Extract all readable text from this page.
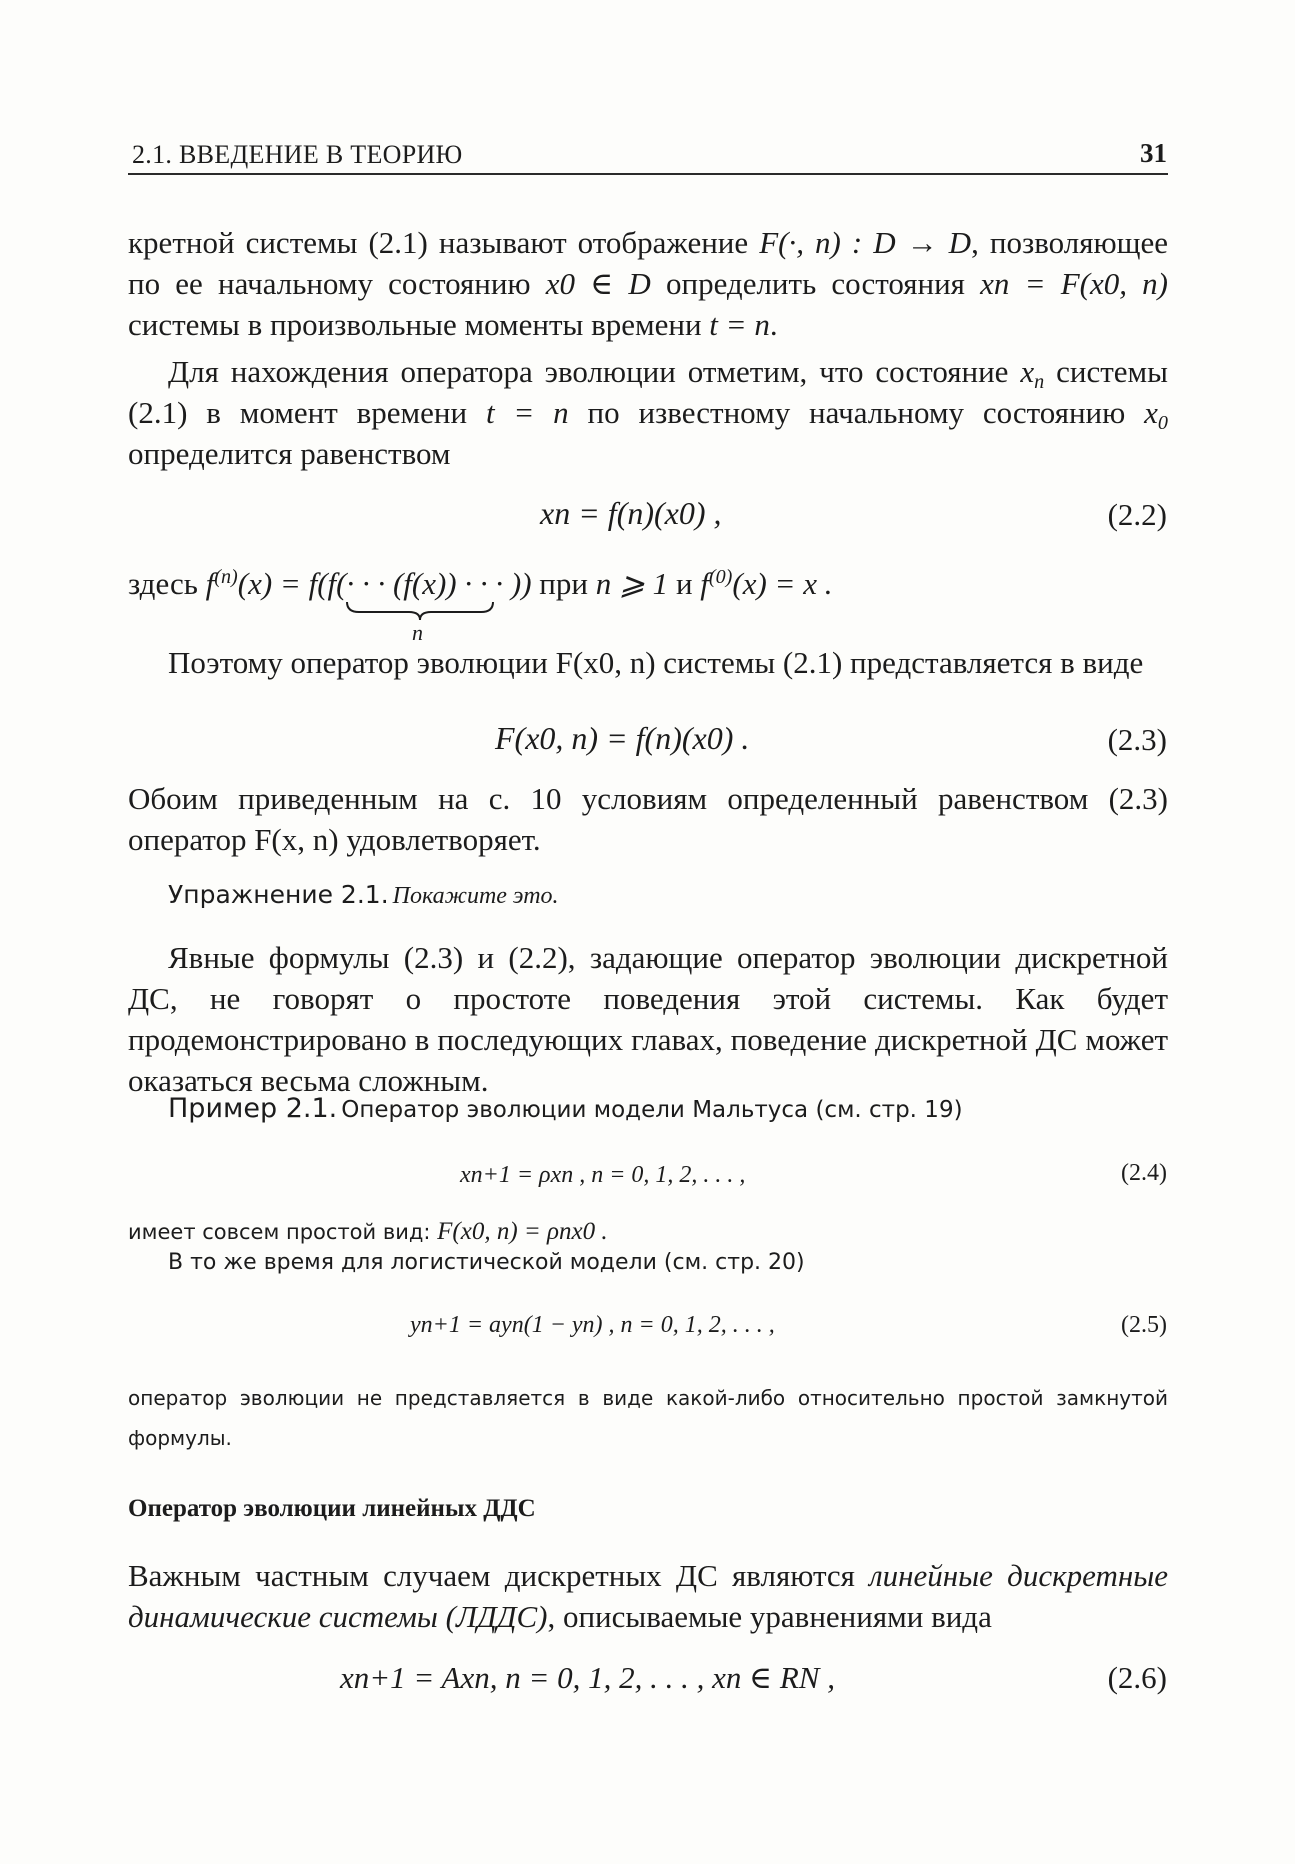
2.1. ВВЕДЕНИЕ В ТЕОРИЮ	31
кретной системы (2.1) называют отображение F(·, n) : D → D, позволяющее по ее начальному состоянию x0 ∈ D определить состояния xn = F(x0, n) системы в произвольные моменты времени t = n.
Для нахождения оператора эволюции отметим, что состояние $x_n$ системы (2.1) в момент времени t = n по известному начальному состоянию $x_0$ определится равенством
xn = f(n)(x0) ,	(2.2)
здесь $f^{(n)}(x) = f(f(\cdot$ · · (f(x)) · · · )) при n ⩾ 1 и $f^{(0)}(x) = x$ .
n
Поэтому оператор эволюции F(x0, n) системы (2.1) представляется в виде
F(x0, n) = f(n)(x0) .	(2.3)
Обоим приведенным на с. 10 условиям определенный равенством (2.3) оператор F(x, n) удовлетворяет.
Упражнение 2.1. Покажите это.
Явные формулы (2.3) и (2.2), задающие оператор эволюции дискретной ДС, не говорят о простоте поведения этой системы. Как будет продемонстрировано в последующих главах, поведение дискретной ДС может оказаться весьма сложным.
Пример 2.1. Оператор эволюции модели Мальтуса (см. стр. 19)
xn+1 = ρxn , n = 0, 1, 2, . . . ,	(2.4)
имеет совсем простой вид: F(x0, n) = ρnx0 .
В то же время для логистической модели (см. стр. 20)
yn+1 = ayn(1 − yn) , n = 0, 1, 2, . . . ,	(2.5)
оператор эволюции не представляется в виде какой-либо относительно простой замкнутой формулы.
Оператор эволюции линейных ДДС
Важным частным случаем дискретных ДС являются линейные дискретные динамические системы (ЛДДС), описываемые уравнениями вида
xn+1 = Axn, n = 0, 1, 2, . . . , xn ∈ RN ,	(2.6)
